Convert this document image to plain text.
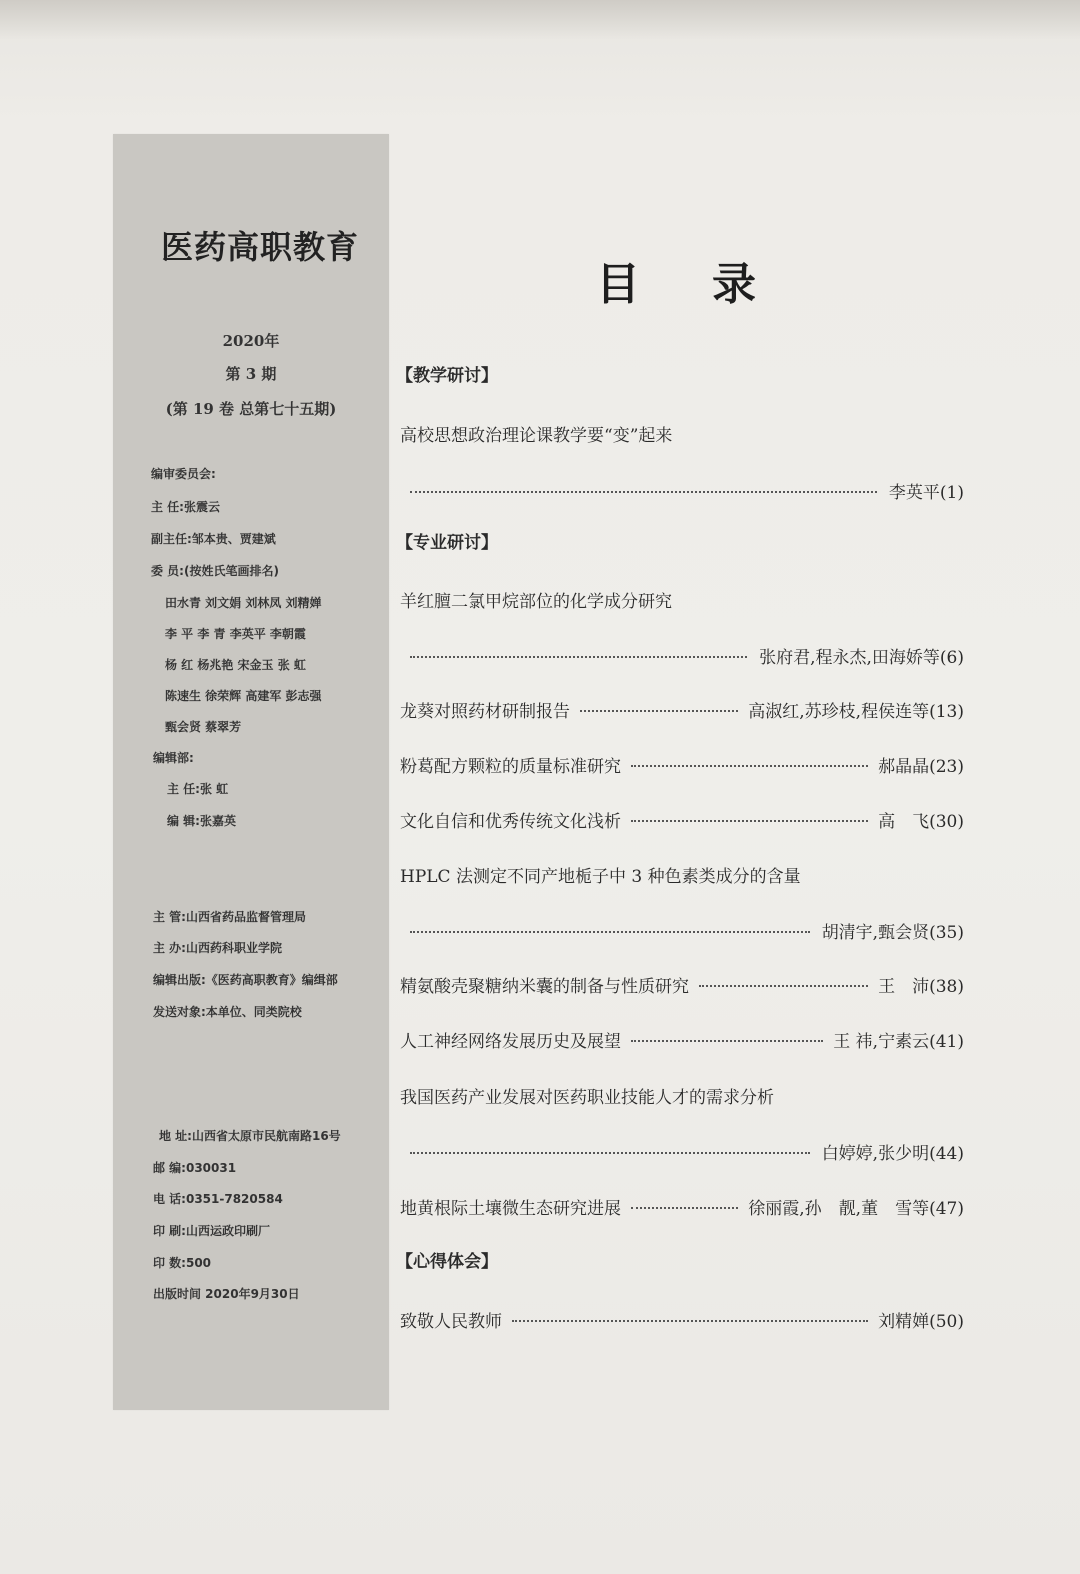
医药高职教育
2020年
第 3 期
(第 19 卷 总第七十五期)
编审委员会:
主 任:张震云
副主任:邹本贵、贾建斌
委 员:(按姓氏笔画排名)
田水青 刘文娟 刘林凤 刘精婵
李 平 李 青 李英平 李朝霞
杨 红 杨兆艳 宋金玉 张 虹
陈速生 徐荣辉 高建军 彭志强
甄会贤 蔡翠芳
编辑部:
主 任:张 虹
编 辑:张嘉英
主 管:山西省药品监督管理局
主 办:山西药科职业学院
编辑出版:《医药高职教育》编缉部
发送对象:本单位、同类院校
地 址:山西省太原市民航南路16号
邮 编:030031
电 话:0351-7820584
印 刷:山西运政印刷厂
印 数:500
出版时间 2020年9月30日
目 录
【教学研讨】
高校思想政治理论课教学要“变”起来
李英平 (1)
【专业研讨】
羊红膻二氯甲烷部位的化学成分研究
张府君,程永杰,田海娇等 (6)
龙葵对照药材研制报告	高淑红,苏珍枝,程侯连等 (13)
粉葛配方颗粒的质量标准研究	郝晶晶 (23)
文化自信和优秀传统文化浅析	高　飞 (30)
HPLC 法测定不同产地栀子中 3 种色素类成分的含量
胡清宇,甄会贤 (35)
精氨酸壳聚糖纳米囊的制备与性质研究	王　沛 (38)
人工神经网络发展历史及展望	王 祎,宁素云 (41)
我国医药产业发展对医药职业技能人才的需求分析
白婷婷,张少明 (44)
地黄根际土壤微生态研究进展	徐丽霞,孙　靓,董　雪等 (47)
【心得体会】
致敬人民教师	刘精婵 (50)
